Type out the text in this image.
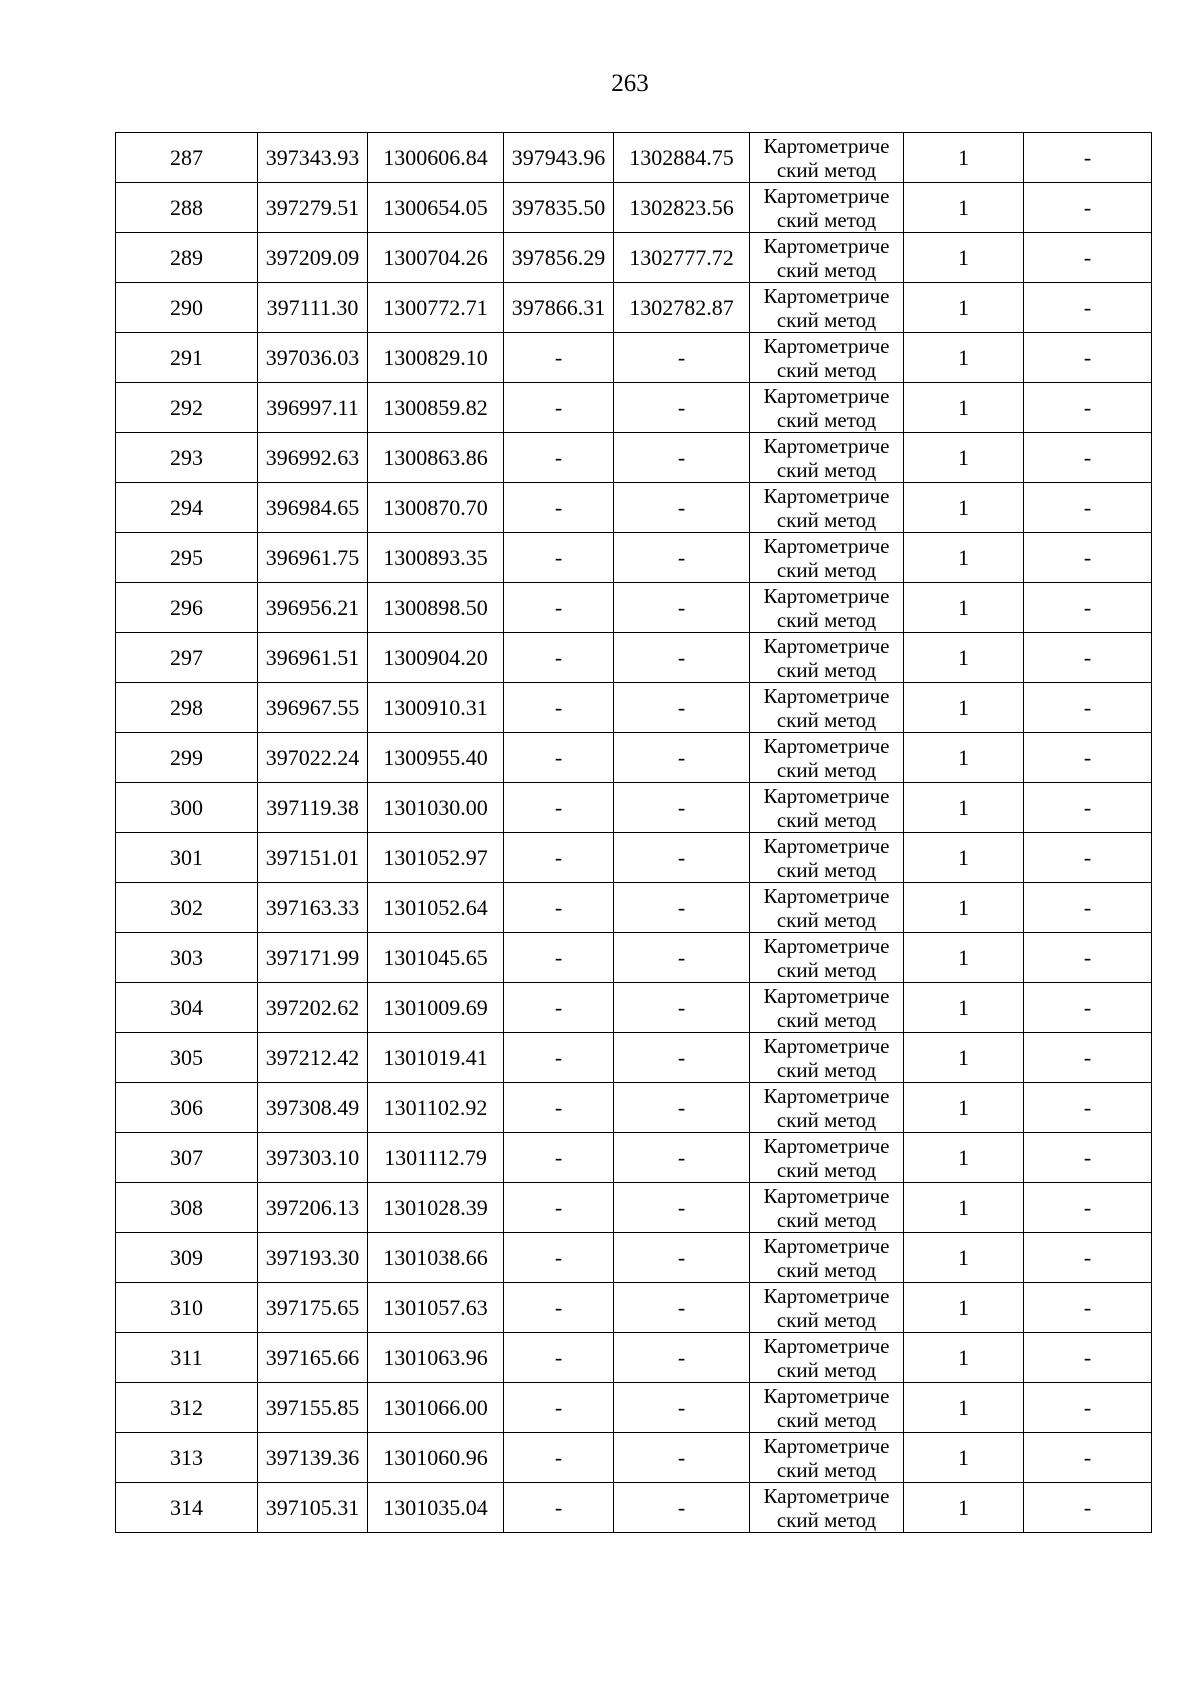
263
287	397343.93	1300606.84	397943.96	1302884.75	Картометриче
ский метод	1	-
288	397279.51	1300654.05	397835.50	1302823.56	Картометриче
ский метод	1	-
289	397209.09	1300704.26	397856.29	1302777.72	Картометриче
ский метод	1	-
290	397111.30	1300772.71	397866.31	1302782.87	Картометриче
ский метод	1	-
291	397036.03	1300829.10	-	-	Картометриче
ский метод	1	-
292	396997.11	1300859.82	-	-	Картометриче
ский метод	1	-
293	396992.63	1300863.86	-	-	Картометриче
ский метод	1	-
294	396984.65	1300870.70	-	-	Картометриче
ский метод	1	-
295	396961.75	1300893.35	-	-	Картометриче
ский метод	1	-
296	396956.21	1300898.50	-	-	Картометриче
ский метод	1	-
297	396961.51	1300904.20	-	-	Картометриче
ский метод	1	-
298	396967.55	1300910.31	-	-	Картометриче
ский метод	1	-
299	397022.24	1300955.40	-	-	Картометриче
ский метод	1	-
300	397119.38	1301030.00	-	-	Картометриче
ский метод	1	-
301	397151.01	1301052.97	-	-	Картометриче
ский метод	1	-
302	397163.33	1301052.64	-	-	Картометриче
ский метод	1	-
303	397171.99	1301045.65	-	-	Картометриче
ский метод	1	-
304	397202.62	1301009.69	-	-	Картометриче
ский метод	1	-
305	397212.42	1301019.41	-	-	Картометриче
ский метод	1	-
306	397308.49	1301102.92	-	-	Картометриче
ский метод	1	-
307	397303.10	1301112.79	-	-	Картометриче
ский метод	1	-
308	397206.13	1301028.39	-	-	Картометриче
ский метод	1	-
309	397193.30	1301038.66	-	-	Картометриче
ский метод	1	-
310	397175.65	1301057.63	-	-	Картометриче
ский метод	1	-
311	397165.66	1301063.96	-	-	Картометриче
ский метод	1	-
312	397155.85	1301066.00	-	-	Картометриче
ский метод	1	-
313	397139.36	1301060.96	-	-	Картометриче
ский метод	1	-
314	397105.31	1301035.04	-	-	Картометриче
ский метод	1	-
